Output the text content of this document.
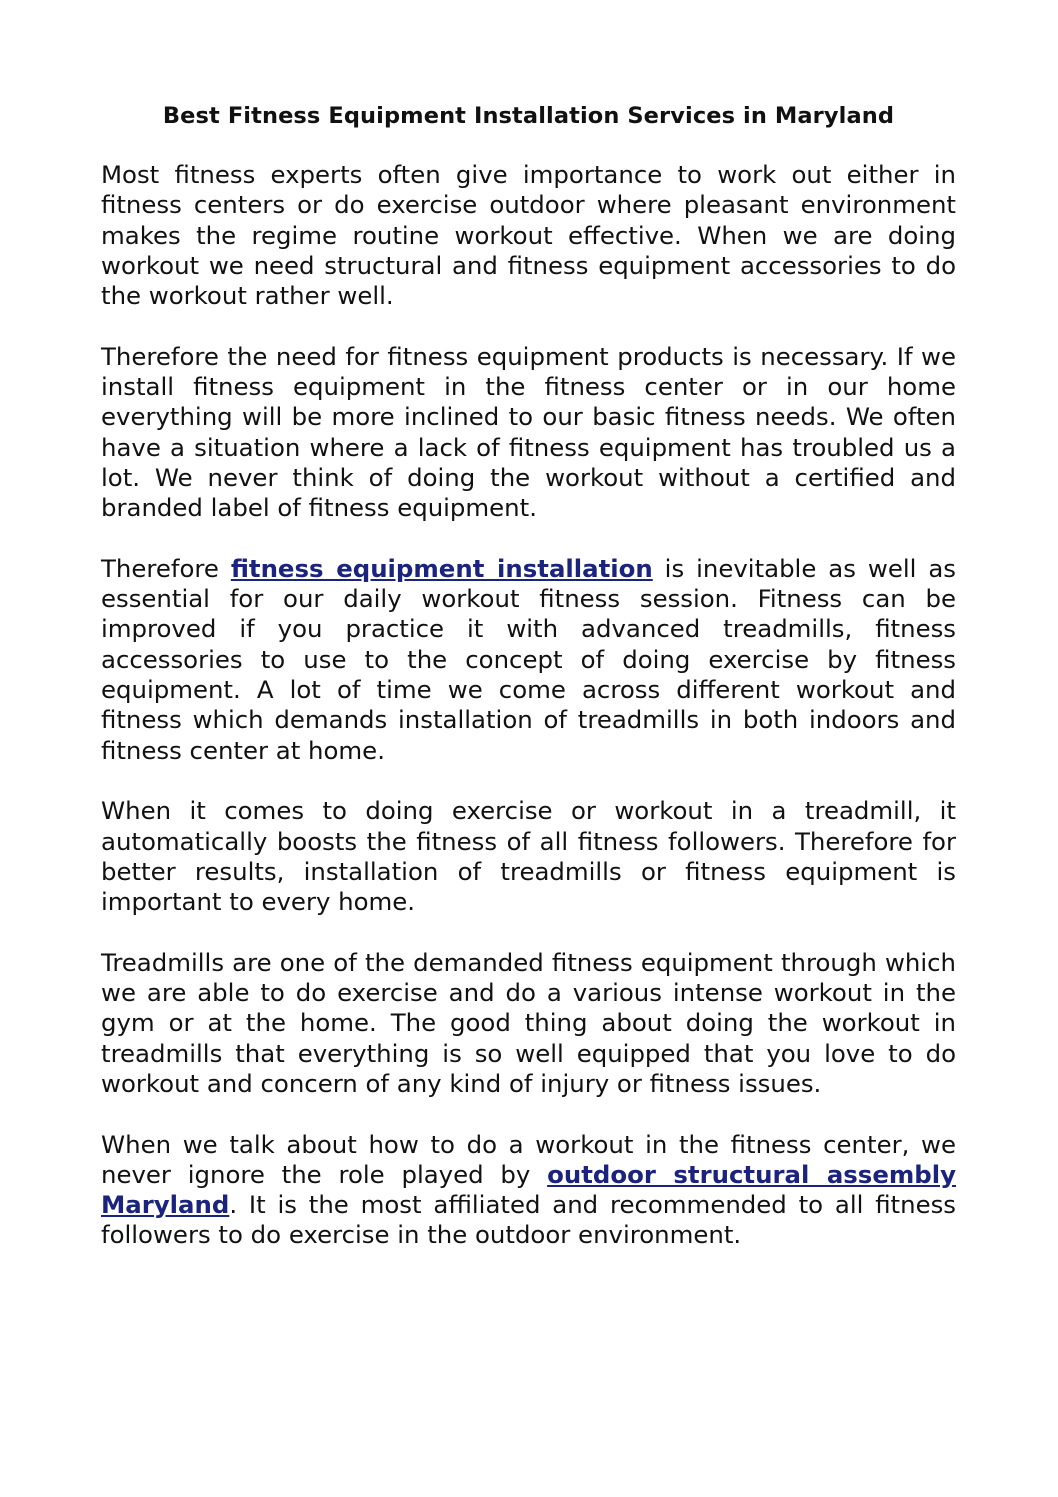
Best Fitness Equipment Installation Services in Maryland

Most fitness experts often give importance to work out either in fitness centers or do exercise outdoor where pleasant environment makes the regime routine workout effective. When we are doing workout we need structural and fitness equipment accessories to do the workout rather well.

Therefore the need for fitness equipment products is necessary. If we install fitness equipment in the fitness center or in our home everything will be more inclined to our basic fitness needs. We often have a situation where a lack of fitness equipment has troubled us a lot. We never think of doing the workout without a certified and branded label of fitness equipment.

Therefore fitness equipment installation is inevitable as well as essential for our daily workout fitness session. Fitness can be improved if you practice it with advanced treadmills, fitness accessories to use to the concept of doing exercise by fitness equipment. A lot of time we come across different workout and fitness which demands installation of treadmills in both indoors and fitness center at home.

When it comes to doing exercise or workout in a treadmill, it automatically boosts the fitness of all fitness followers. Therefore for better results, installation of treadmills or fitness equipment is important to every home.

Treadmills are one of the demanded fitness equipment through which we are able to do exercise and do a various intense workout in the gym or at the home. The good thing about doing the workout in treadmills that everything is so well equipped that you love to do workout and concern of any kind of injury or fitness issues.

When we talk about how to do a workout in the fitness center, we never ignore the role played by outdoor structural assembly Maryland. It is the most affiliated and recommended to all fitness followers to do exercise in the outdoor environment.
